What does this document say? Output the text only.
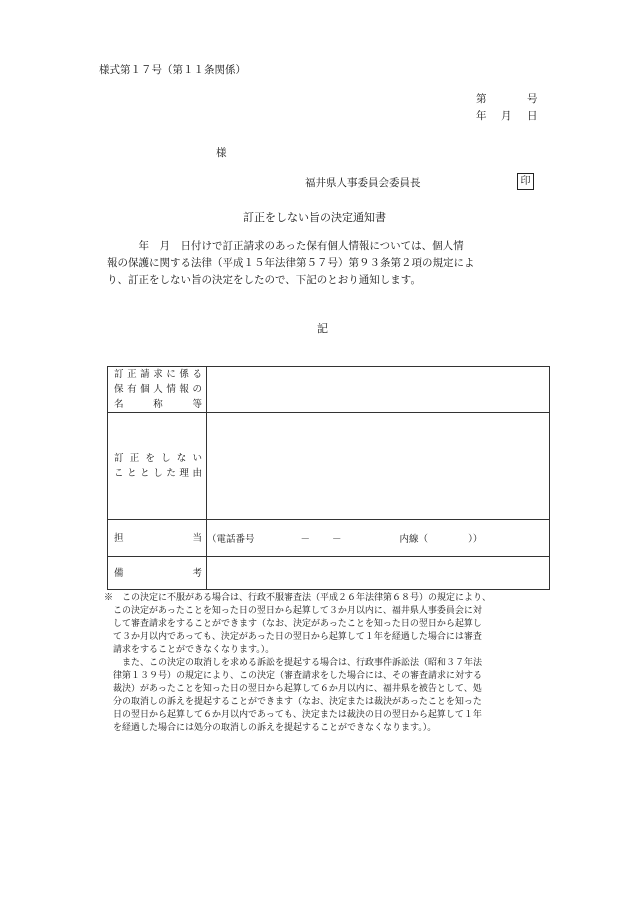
様式第１７号（第１１条関係）
第	号
年 月 日
様
福井県人事委員会委員長	印
訂正をしない旨の決定通知書
　　　年　月　日付けで訂正請求のあった保有個人情報については、個人情
報の保護に関する法律（平成１５年法律第５７号）第９３条第２項の規定によ
り、訂正をしない旨の決定をしたので、下記のとおり通知します。
記
訂正請求に係る
保有個人情報の
名　称　等	

訂正をしない
こととした理由	

担　　　当	（電話番号 － － 内線（ ））

備　　　考	

※　この決定に不服がある場合は、行政不服審査法（平成２６年法律第６８号）の規定により、
　この決定があったことを知った日の翌日から起算して３か月以内に、福井県人事委員会に対
　して審査請求をすることができます（なお、決定があったことを知った日の翌日から起算し
　て３か月以内であっても、決定があった日の翌日から起算して１年を経過した場合には審査
　請求をすることができなくなります。）。
　　また、この決定の取消しを求める訴訟を提起する場合は、行政事件訴訟法（昭和３７年法
　律第１３９号）の規定により、この決定（審査請求をした場合には、その審査請求に対する
　裁決）があったことを知った日の翌日から起算して６か月以内に、福井県を被告として、処
　分の取消しの訴えを提起することができます（なお、決定または裁決があったことを知った
　日の翌日から起算して６か月以内であっても、決定または裁決の日の翌日から起算して１年
　を経過した場合には処分の取消しの訴えを提起することができなくなります。）。
